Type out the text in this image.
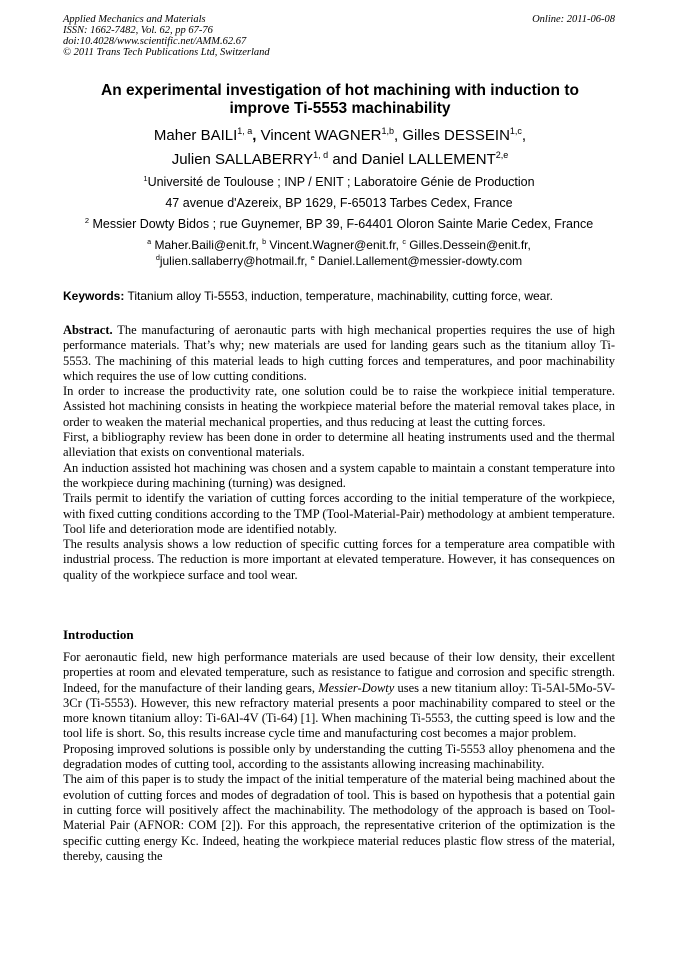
Applied Mechanics and Materials
ISSN: 1662-7482, Vol. 62, pp 67-76
doi:10.4028/www.scientific.net/AMM.62.67
© 2011 Trans Tech Publications Ltd, Switzerland
Online: 2011-06-08
An experimental investigation of hot machining with induction to
improve Ti-5553 machinability
Maher BAILI$^{1, a}$, Vincent WAGNER$^{1,b}$, Gilles DESSEIN$^{1,c}$,
Julien SALLABERRY$^{1, d}$ and Daniel LALLEMENT$^{2,e}$
$^1$Université de Toulouse ; INP / ENIT ; Laboratoire Génie de Production
47 avenue d'Azereix, BP 1629, F-65013 Tarbes Cedex, France
$^2$ Messier Dowty Bidos ; rue Guynemer, BP 39, F-64401 Oloron Sainte Marie Cedex, France
$^a$ Maher.Baili@enit.fr, $^b$ Vincent.Wagner@enit.fr, $^c$ Gilles.Dessein@enit.fr,
$^d$julien.sallaberry@hotmail.fr, $^e$ Daniel.Lallement@messier-dowty.com
Keywords: Titanium alloy Ti-5553, induction, temperature, machinability, cutting force, wear.

Abstract. The manufacturing of aeronautic parts with high mechanical properties requires the use of high performance materials. That’s why; new materials are used for landing gears such as the titanium alloy Ti-5553. The machining of this material leads to high cutting forces and temperatures, and poor machinability which requires the use of low cutting conditions.

In order to increase the productivity rate, one solution could be to raise the workpiece initial temperature. Assisted hot machining consists in heating the workpiece material before the material removal takes place, in order to weaken the material mechanical properties, and thus reducing at least the cutting forces.

First, a bibliography review has been done in order to determine all heating instruments used and the thermal alleviation that exists on conventional materials.

An induction assisted hot machining was chosen and a system capable to maintain a constant temperature into the workpiece during machining (turning) was designed.

Trails permit to identify the variation of cutting forces according to the initial temperature of the workpiece, with fixed cutting conditions according to the TMP (Tool-Material-Pair) methodology at ambient temperature. Tool life and deterioration mode are identified notably.

The results analysis shows a low reduction of specific cutting forces for a temperature area compatible with industrial process. The reduction is more important at elevated temperature. However, it has consequences on quality of the workpiece surface and tool wear.

Introduction

For aeronautic field, new high performance materials are used because of their low density, their excellent properties at room and elevated temperature, such as resistance to fatigue and corrosion and specific strength. Indeed, for the manufacture of their landing gears, Messier-Dowty uses a new titanium alloy: Ti-5Al-5Mo-5V-3Cr (Ti-5553). However, this new refractory material presents a poor machinability compared to steel or the more known titanium alloy: Ti-6Al-4V (Ti-64) [1]. When machining Ti-5553, the cutting speed is low and the tool life is short. So, this results increase cycle time and manufacturing cost becomes a major problem.

Proposing improved solutions is possible only by understanding the cutting Ti-5553 alloy phenomena and the degradation modes of cutting tool, according to the assistants allowing increasing machinability.

The aim of this paper is to study the impact of the initial temperature of the material being machined about the evolution of cutting forces and modes of degradation of tool. This is based on hypothesis that a potential gain in cutting force will positively affect the machinability. The methodology of the approach is based on Tool-Material Pair (AFNOR: COM [2]). For this approach, the representative criterion of the optimization is the specific cutting energy Kc. Indeed, heating the workpiece material reduces plastic flow stress of the material, thereby, causing the
